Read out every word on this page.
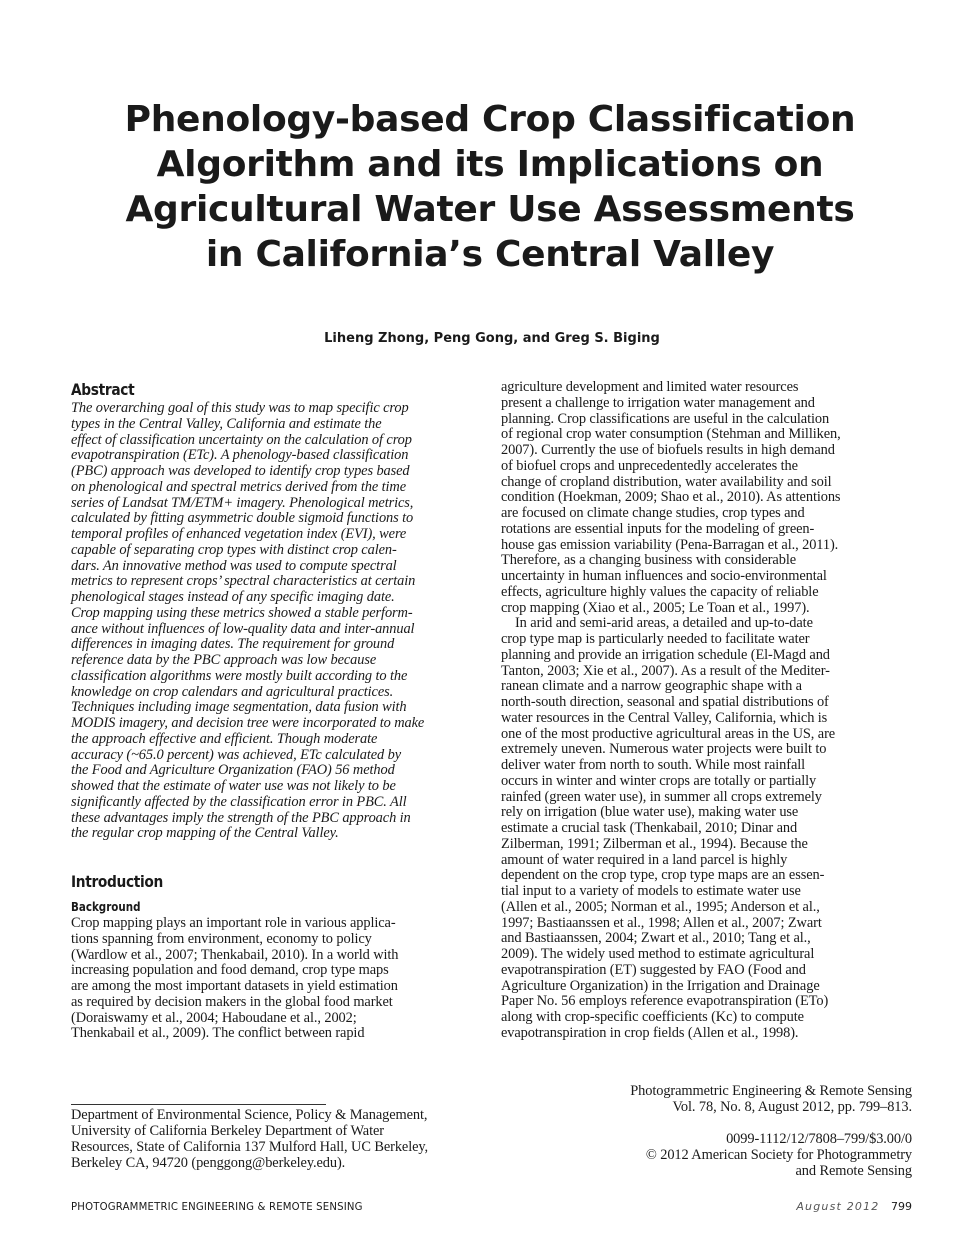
Phenology-based Crop Classification
Algorithm and its Implications on
Agricultural Water Use Assessments
in California’s Central Valley
Liheng Zhong, Peng Gong, and Greg S. Biging
Abstract
The overarching goal of this study was to map specific crop
types in the Central Valley, California and estimate the
effect of classification uncertainty on the calculation of crop
evapotranspiration (ETc). A phenology-based classification
(PBC) approach was developed to identify crop types based
on phenological and spectral metrics derived from the time
series of Landsat TM/ETM+ imagery. Phenological metrics,
calculated by fitting asymmetric double sigmoid functions to
temporal profiles of enhanced vegetation index (EVI), were
capable of separating crop types with distinct crop calen-
dars. An innovative method was used to compute spectral
metrics to represent crops’ spectral characteristics at certain
phenological stages instead of any specific imaging date.
Crop mapping using these metrics showed a stable perform-
ance without influences of low-quality data and inter-annual
differences in imaging dates. The requirement for ground
reference data by the PBC approach was low because
classification algorithms were mostly built according to the
knowledge on crop calendars and agricultural practices.
Techniques including image segmentation, data fusion with
MODIS imagery, and decision tree were incorporated to make
the approach effective and efficient. Though moderate
accuracy (~65.0 percent) was achieved, ETc calculated by
the Food and Agriculture Organization (FAO) 56 method
showed that the estimate of water use was not likely to be
significantly affected by the classification error in PBC. All
these advantages imply the strength of the PBC approach in
the regular crop mapping of the Central Valley.
Introduction
Background
Crop mapping plays an important role in various applica-
tions spanning from environment, economy to policy
(Wardlow et al., 2007; Thenkabail, 2010). In a world with
increasing population and food demand, crop type maps
are among the most important datasets in yield estimation
as required by decision makers in the global food market
(Doraiswamy et al., 2004; Haboudane et al., 2002;
Thenkabail et al., 2009). The conflict between rapid
agriculture development and limited water resources
present a challenge to irrigation water management and
planning. Crop classifications are useful in the calculation
of regional crop water consumption (Stehman and Milliken,
2007). Currently the use of biofuels results in high demand
of biofuel crops and unprecedentedly accelerates the
change of cropland distribution, water availability and soil
condition (Hoekman, 2009; Shao et al., 2010). As attentions
are focused on climate change studies, crop types and
rotations are essential inputs for the modeling of green-
house gas emission variability (Pena-Barragan et al., 2011).
Therefore, as a changing business with considerable
uncertainty in human influences and socio-environmental
effects, agriculture highly values the capacity of reliable
crop mapping (Xiao et al., 2005; Le Toan et al., 1997).
In arid and semi-arid areas, a detailed and up-to-date
crop type map is particularly needed to facilitate water
planning and provide an irrigation schedule (El-Magd and
Tanton, 2003; Xie et al., 2007). As a result of the Mediter-
ranean climate and a narrow geographic shape with a
north-south direction, seasonal and spatial distributions of
water resources in the Central Valley, California, which is
one of the most productive agricultural areas in the US, are
extremely uneven. Numerous water projects were built to
deliver water from north to south. While most rainfall
occurs in winter and winter crops are totally or partially
rainfed (green water use), in summer all crops extremely
rely on irrigation (blue water use), making water use
estimate a crucial task (Thenkabail, 2010; Dinar and
Zilberman, 1991; Zilberman et al., 1994). Because the
amount of water required in a land parcel is highly
dependent on the crop type, crop type maps are an essen-
tial input to a variety of models to estimate water use
(Allen et al., 2005; Norman et al., 1995; Anderson et al.,
1997; Bastiaanssen et al., 1998; Allen et al., 2007; Zwart
and Bastiaanssen, 2004; Zwart et al., 2010; Tang et al.,
2009). The widely used method to estimate agricultural
evapotranspiration (ET) suggested by FAO (Food and
Agriculture Organization) in the Irrigation and Drainage
Paper No. 56 employs reference evapotranspiration (ETo)
along with crop-specific coefficients (Kc) to compute
evapotranspiration in crop fields (Allen et al., 1998).
Department of Environmental Science, Policy & Management,
University of California Berkeley Department of Water
Resources, State of California 137 Mulford Hall, UC Berkeley,
Berkeley CA, 94720 (penggong@berkeley.edu).
Photogrammetric Engineering & Remote Sensing
Vol. 78, No. 8, August 2012, pp. 799–813.
0099-1112/12/7808–799/$3.00/0
© 2012 American Society for Photogrammetry
and Remote Sensing
PHOTOGRAMMETRIC ENGINEERING & REMOTE SENSING	August 2012 799
